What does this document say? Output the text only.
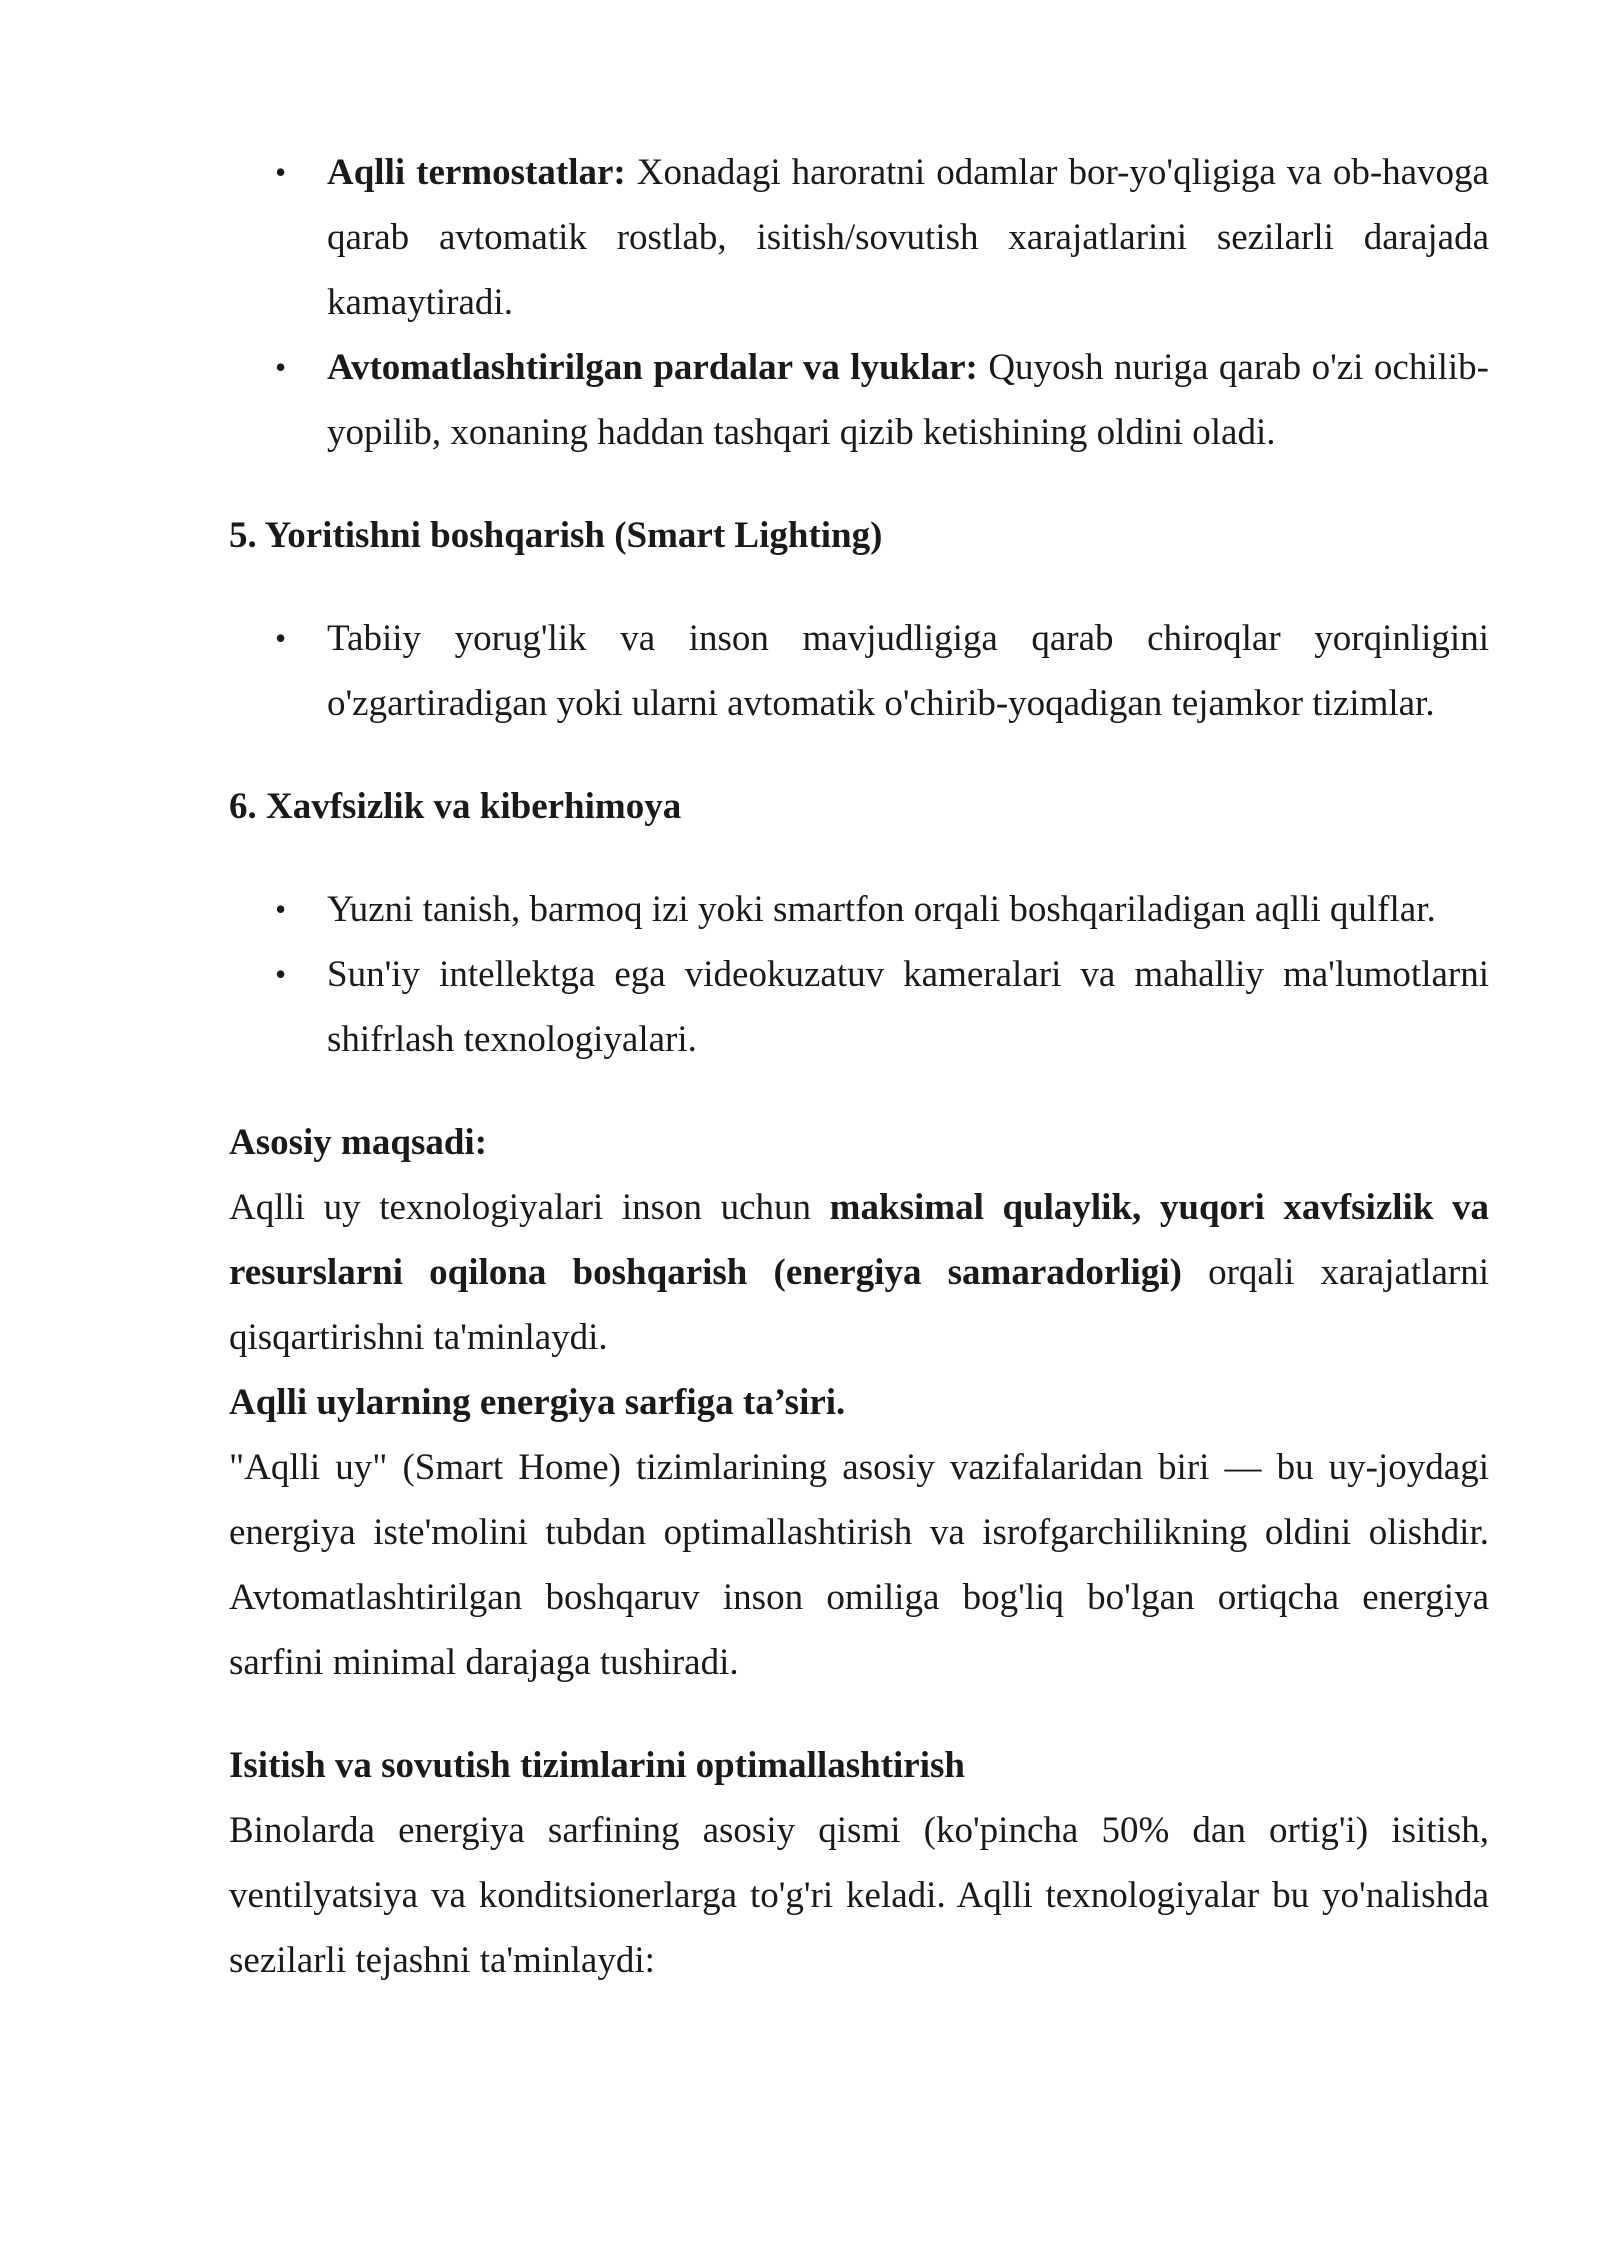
• Aqlli termostatlar: Xonadagi haroratni odamlar bor-yo'qligiga va ob-havoga qarab avtomatik rostlab, isitish/sovutish xarajatlarini sezilarli darajada kamaytiradi.
• Avtomatlashtirilgan pardalar va lyuklar: Quyosh nuriga qarab o'zi ochilib-yopilib, xonaning haddan tashqari qizib ketishining oldini oladi.

5. Yoritishni boshqarish (Smart Lighting)

• Tabiiy yorug'lik va inson mavjudligiga qarab chiroqlar yorqinligini o'zgartiradigan yoki ularni avtomatik o'chirib-yoqadigan tejamkor tizimlar.

6. Xavfsizlik va kiberhimoya

• Yuzni tanish, barmoq izi yoki smartfon orqali boshqariladigan aqlli qulflar.
• Sun'iy intellektga ega videokuzatuv kameralari va mahalliy ma'lumotlarni shifrlash texnologiyalari.

Asosiy maqsadi:

Aqlli uy texnologiyalari inson uchun maksimal qulaylik, yuqori xavfsizlik va resurslarni oqilona boshqarish (energiya samaradorligi) orqali xarajatlarni qisqartirishni ta'minlaydi.

Aqlli uylarning energiya sarfiga ta’siri.

"Aqlli uy" (Smart Home) tizimlarining asosiy vazifalaridan biri — bu uy-joydagi energiya iste'molini tubdan optimallashtirish va isrofgarchilikning oldini olishdir. Avtomatlashtirilgan boshqaruv inson omiliga bog'liq bo'lgan ortiqcha energiya sarfini minimal darajaga tushiradi.

Isitish va sovutish tizimlarini optimallashtirish

Binolarda energiya sarfining asosiy qismi (ko'pincha 50% dan ortig'i) isitish, ventilyatsiya va konditsionerlarga to'g'ri keladi. Aqlli texnologiyalar bu yo'nalishda sezilarli tejashni ta'minlaydi:
